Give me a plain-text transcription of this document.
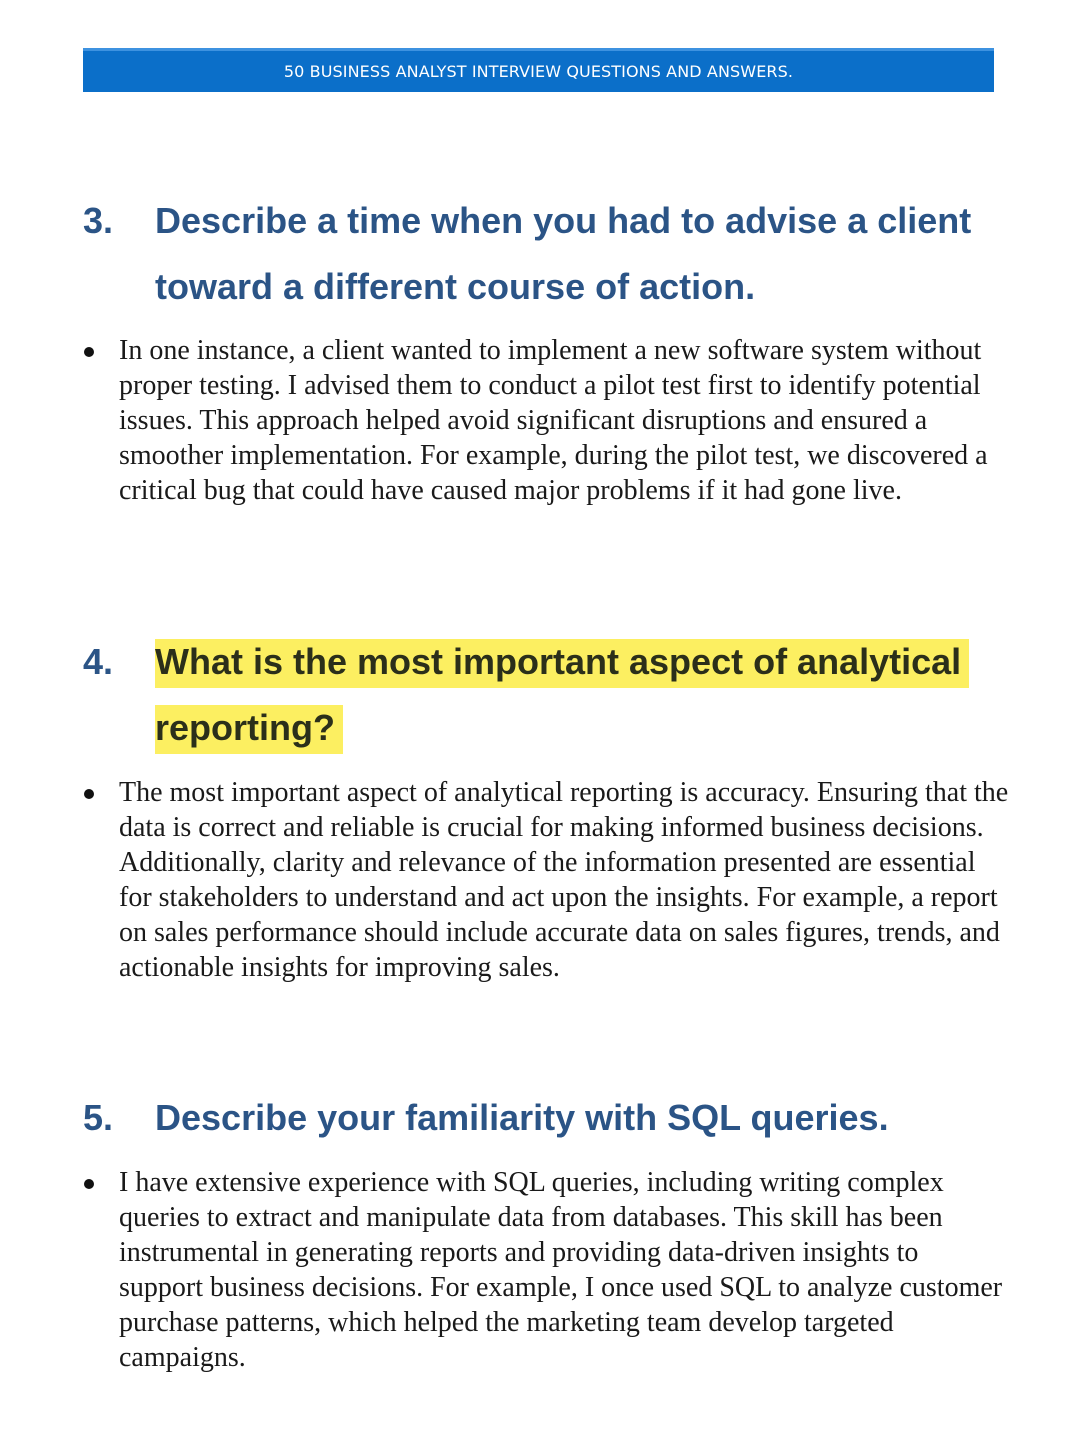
50 BUSINESS ANALYST INTERVIEW QUESTIONS AND ANSWERS.
3. Describe a time when you had to advise a client toward a different course of action.

In one instance, a client wanted to implement a new software system without proper testing. I advised them to conduct a pilot test first to identify potential issues. This approach helped avoid significant disruptions and ensured a smoother implementation. For example, during the pilot test, we discovered a critical bug that could have caused major problems if it had gone live.

4. What is the most important aspect of analytical reporting?

The most important aspect of analytical reporting is accuracy. Ensuring that the data is correct and reliable is crucial for making informed business decisions. Additionally, clarity and relevance of the information presented are essential for stakeholders to understand and act upon the insights. For example, a report on sales performance should include accurate data on sales figures, trends, and actionable insights for improving sales.

5. Describe your familiarity with SQL queries.

I have extensive experience with SQL queries, including writing complex queries to extract and manipulate data from databases. This skill has been instrumental in generating reports and providing data-driven insights to support business decisions. For example, I once used SQL to analyze customer purchase patterns, which helped the marketing team develop targeted campaigns.
